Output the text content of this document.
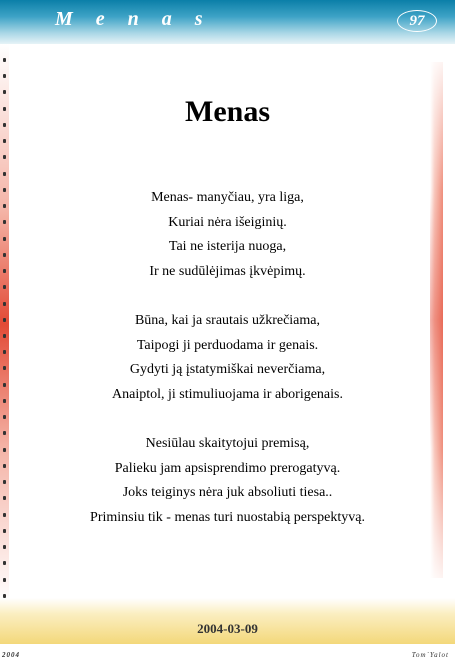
M e n a s	97
Menas
Menas- manyčiau, yra liga,
Kuriai nėra išeiginių.
Tai ne isterija nuoga,
Ir ne sudūlėjimas įkvėpimų.
Būna, kai ja srautais užkrečiama,
Taipogi ji perduodama ir genais.
Gydyti ją įstatymiškai neverčiama,
Anaiptol, ji stimuliuojama ir aborigenais.
Nesiūlau skaitytojui premisą,
Palieku jam apsisprendimo prerogatyvą.
Joks teiginys nėra juk absoliuti tiesa..
Priminsiu tik - menas turi nuostabią perspektyvą.
2004-03-09
2004	Tom`Yalot
